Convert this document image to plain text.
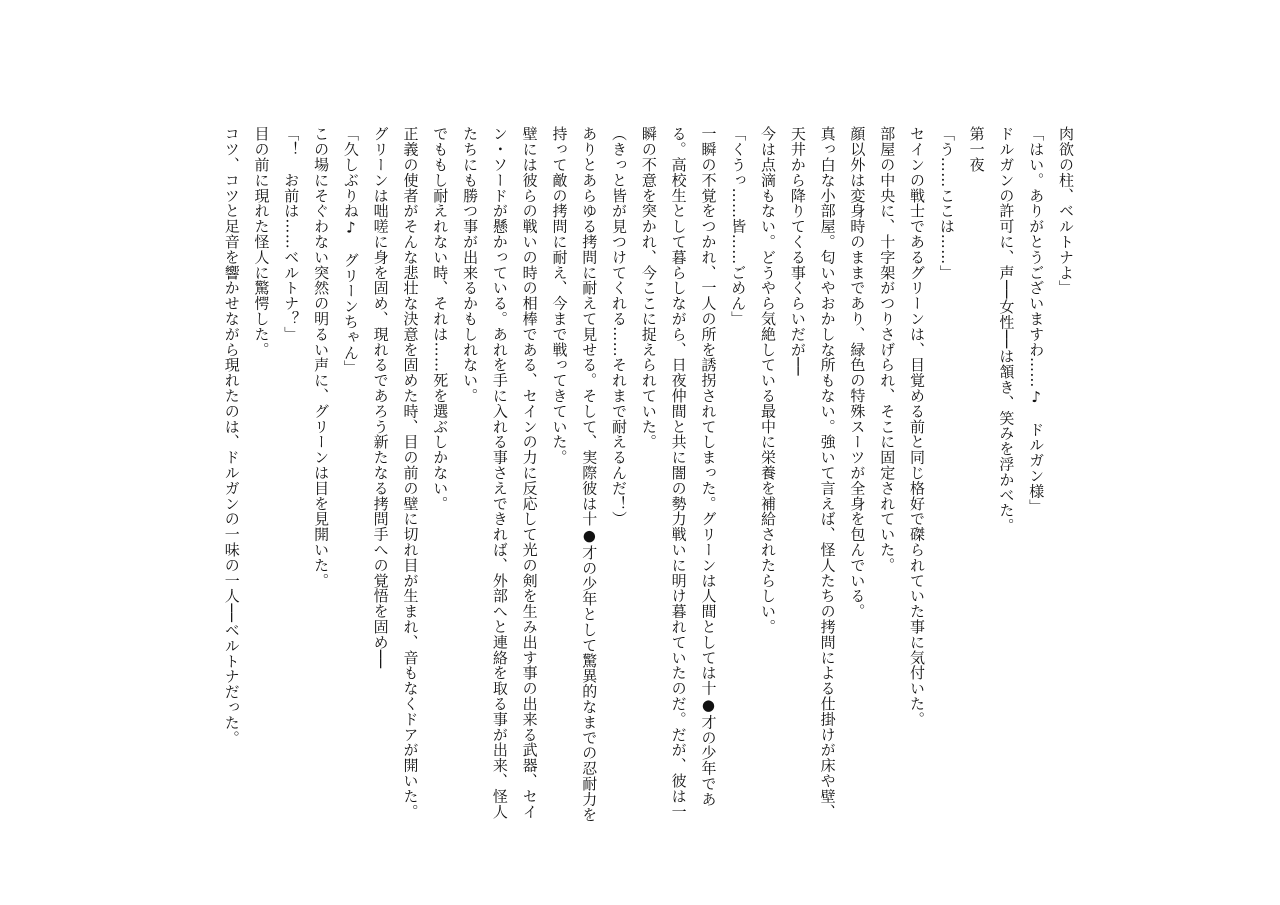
肉欲の柱、ベルトナよ」

「はい。ありがとうございますわ……♪　ドルガン様」

ドルガンの許可に、声──女性──は頷き、笑みを浮かべた。

第一夜

「う……ここは……」

セインの戦士であるグリーンは、目覚める前と同じ格好で磔られていた事に気付いた。

部屋の中央に、十字架がつりさげられ、そこに固定されていた。

顔以外は変身時のままであり、緑色の特殊スーツが全身を包んでいる。

真っ白な小部屋。匂いやおかしな所もない。強いて言えば、怪人たちの拷問による仕掛けが床や壁、天井から降りてくる事くらいだが──

今は点滴もない。どうやら気絶している最中に栄養を補給されたらしい。

「くうっ……皆……ごめん」

一瞬の不覚をつかれ、一人の所を誘拐されてしまった。グリーンは人間としては十●才の少年である。高校生として暮らしながら、日夜仲間と共に闇の勢力戦いに明け暮れていたのだ。だが、彼は一瞬の不意を突かれ、今ここに捉えられていた。

（きっと皆が見つけてくれる……それまで耐えるんだ！）

ありとあらゆる拷問に耐えて見せる。そして、実際彼は十●才の少年として驚異的なまでの忍耐力を持って敵の拷問に耐え、今まで戦ってきていた。

壁には彼らの戦いの時の相棒である、セインの力に反応して光の剣を生み出す事の出来る武器、セイン・ソードが懸かっている。あれを手に入れる事さえできれば、外部へと連絡を取る事が出来、怪人たちにも勝つ事が出来るかもしれない。

でももし耐えれない時、それは……死を選ぶしかない。

正義の使者がそんな悲壮な決意を固めた時、目の前の壁に切れ目が生まれ、音もなくドアが開いた。

グリーンは咄嗟に身を固め、現れるであろう新たなる拷問手への覚悟を固め──

「久しぶりね♪　グリーンちゃん」

この場にそぐわない突然の明るい声に、グリーンは目を見開いた。

「！　お前は……ベルトナ？」

目の前に現れた怪人に驚愕した。

コツ、コツと足音を響かせながら現れたのは、ドルガンの一味の一人──ベルトナだった。
